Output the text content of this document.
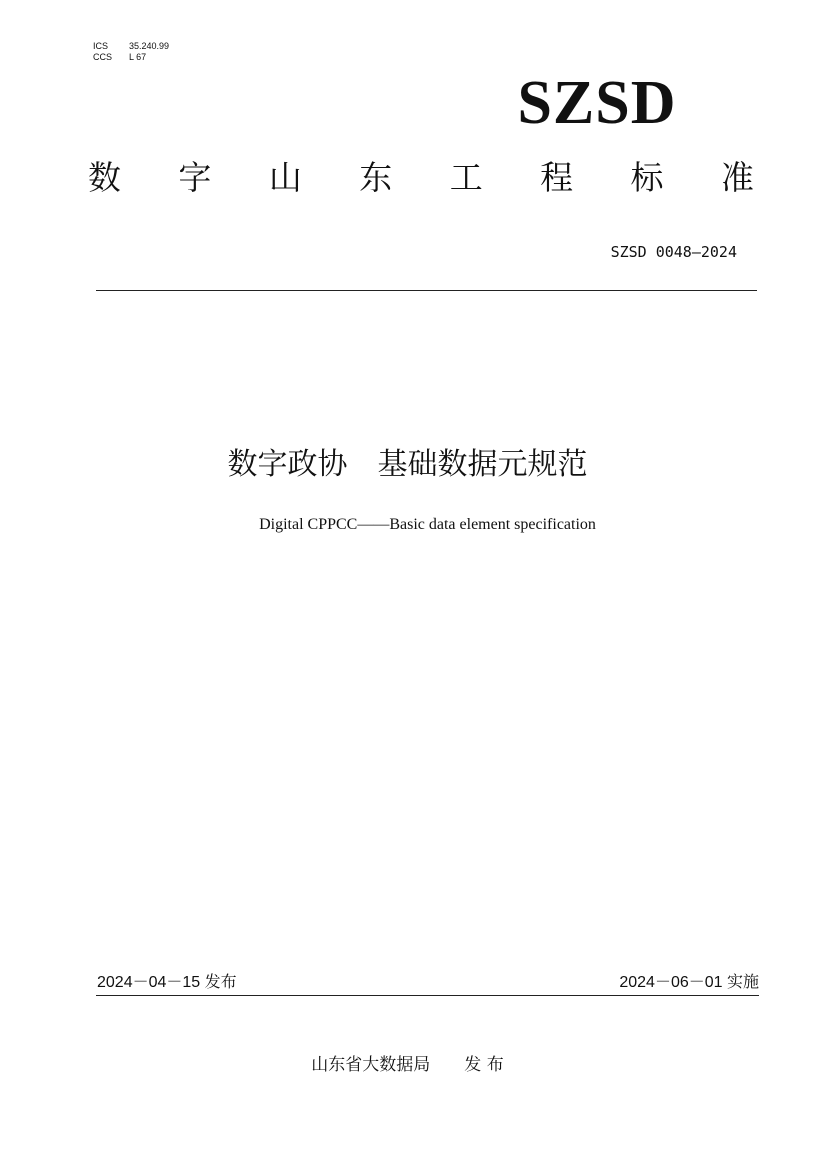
ICS 35.240.99
CCS L 67
SZSD
数 字 山 东 工 程 标 准
SZSD 0048—2024
数字政协　基础数据元规范
Digital CPPCC——Basic data element specification
2024－04－15 发布	2024－06－01 实施
山东省大数据局　　发 布
